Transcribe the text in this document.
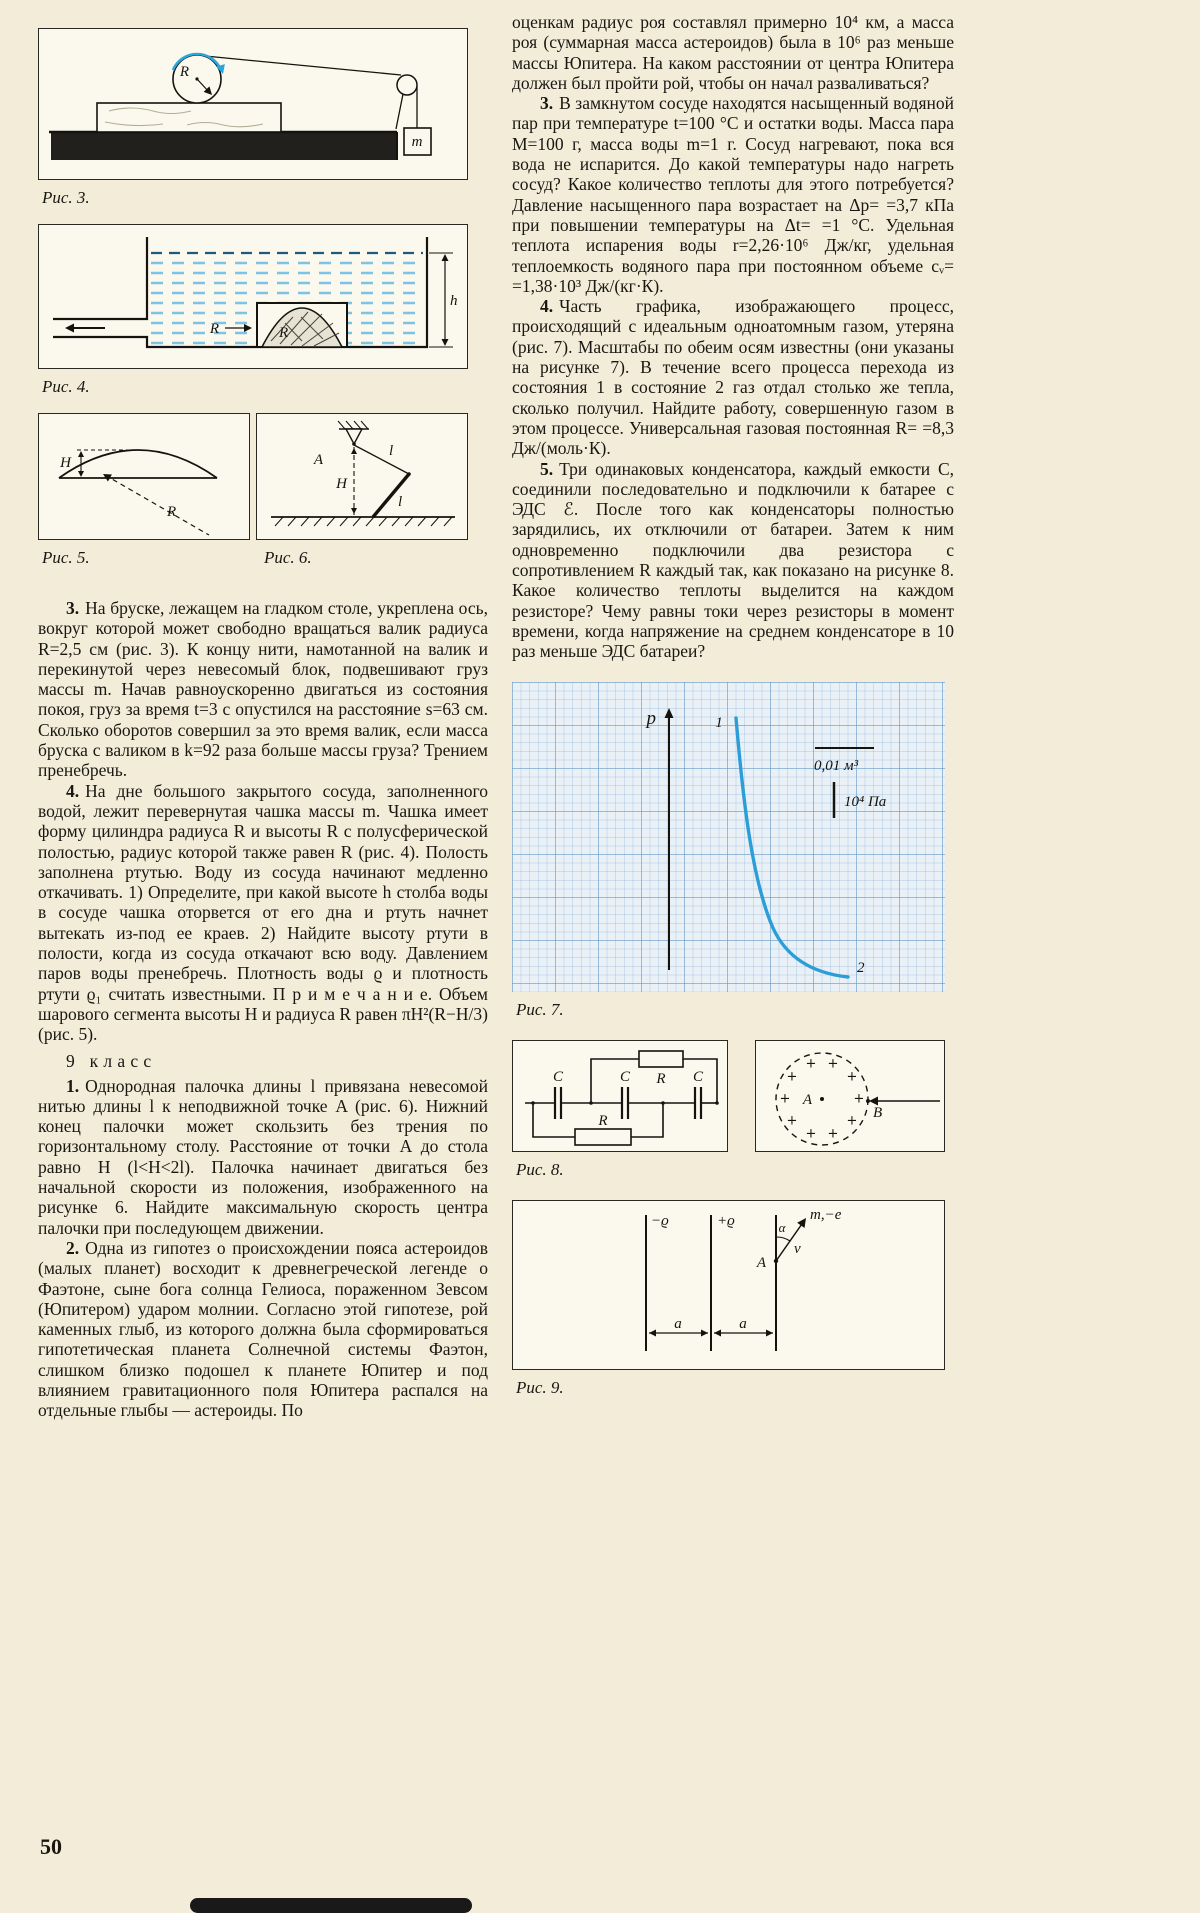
R
m
Рис. 3.
R	R
h
Рис. 4.
H
R
Рис. 5.
A
H
l
l
Рис. 6.

3. На бруске, лежащем на гладком столе, укреплена ось, вокруг которой может свободно вращаться валик радиуса R=2,5 см (рис. 3). К концу нити, намотанной на валик и перекинутой через невесомый блок, подвешивают груз массы m. Начав равноускоренно двигаться из состояния покоя, груз за время t=3 с опустился на расстояние s=63 см. Сколько оборотов совершил за это время валик, если масса бруска с валиком в k=92 раза больше массы груза? Трением пренебречь.

4. На дне большого закрытого сосуда, заполненного водой, лежит перевернутая чашка массы m. Чашка имеет форму цилиндра радиуса R и высоты R с полусферической полостью, радиус которой также равен R (рис. 4). Полость заполнена ртутью. Воду из сосуда начинают медленно откачивать. 1) Определите, при какой высоте h столба воды в сосуде чашка оторвется от его дна и ртуть начнет вытекать из-под ее краев. 2) Найдите высоту ртути в полости, когда из сосуда откачают всю воду. Давлением паров воды пренебречь. Плотность воды ϱ и плотность ртути ϱ₁ считать известными. П р и м е ч а н и е. Объем шарового сегмента высоты H и радиуса R равен πH²(R−H/3) (рис. 5).

9 класс

1. Однородная палочка длины l привязана невесомой нитью длины l к неподвижной точке A (рис. 6). Нижний конец палочки может скользить без трения по горизонтальному столу. Расстояние от точки A до стола равно H (l<H<2l). Палочка начинает двигаться без начальной скорости из положения, изображенного на рисунке 6. Найдите максимальную скорость центра палочки при последующем движении.

2. Одна из гипотез о происхождении пояса астероидов (малых планет) восходит к древнегреческой легенде о Фаэтоне, сыне бога солнца Гелиоса, пораженном Зевсом (Юпитером) ударом молнии. Согласно этой гипотезе, рой каменных глыб, из которого должна была сформироваться гипотетическая планета Солнечной системы Фаэтон, слишком близко подошел к планете Юпитер и под влиянием гравитационного поля Юпитера распался на отдельные глыбы — астероиды. По

оценкам радиус роя составлял примерно 10⁴ км, а масса роя (суммарная масса астероидов) была в 10⁶ раз меньше массы Юпитера. На каком расстоянии от центра Юпитера должен был пройти рой, чтобы он начал разваливаться?

3. В замкнутом сосуде находятся насыщенный водяной пар при температуре t=100 °С и остатки воды. Масса пара M=100 г, масса воды m=1 г. Сосуд нагревают, пока вся вода не испарится. До какой температуры надо нагреть сосуд? Какое количество теплоты для этого потребуется? Давление насыщенного пара возрастает на Δp= =3,7 кПа при повышении температуры на Δt= =1 °С. Удельная теплота испарения воды r=2,26·10⁶ Дж/кг, удельная теплоемкость водяного пара при постоянном объеме cᵥ= =1,38·10³ Дж/(кг·К).

4. Часть графика, изображающего процесс, происходящий с идеальным одноатомным газом, утеряна (рис. 7). Масштабы по обеим осям известны (они указаны на рисунке 7). В течение всего процесса перехода из состояния 1 в состояние 2 газ отдал столько же тепла, сколько получил. Найдите работу, совершенную газом в этом процессе. Универсальная газовая постоянная R= =8,3 Дж/(моль·К).

5. Три одинаковых конденсатора, каждый емкости C, соединили последовательно и подключили к батарее с ЭДС ℰ. После того как конденсаторы полностью зарядились, их отключили от батареи. Затем к ним одновременно подключили два резистора с сопротивлением R каждый так, как показано на рисунке 8. Какое количество теплоты выделится на каждом резисторе? Чему равны токи через резисторы в момент времени, когда напряжение на среднем конденсаторе в 10 раз меньше ЭДС батареи?

p	1
2
0,01 м³
10⁴ Па
Рис. 7.
C	C R C
R
+
+
+
+
+
+
+
+ +
+
A
B
Рис. 8.
−ϱ	+ϱ	α
m,−e
v
A
a	a
Рис. 9.
50
